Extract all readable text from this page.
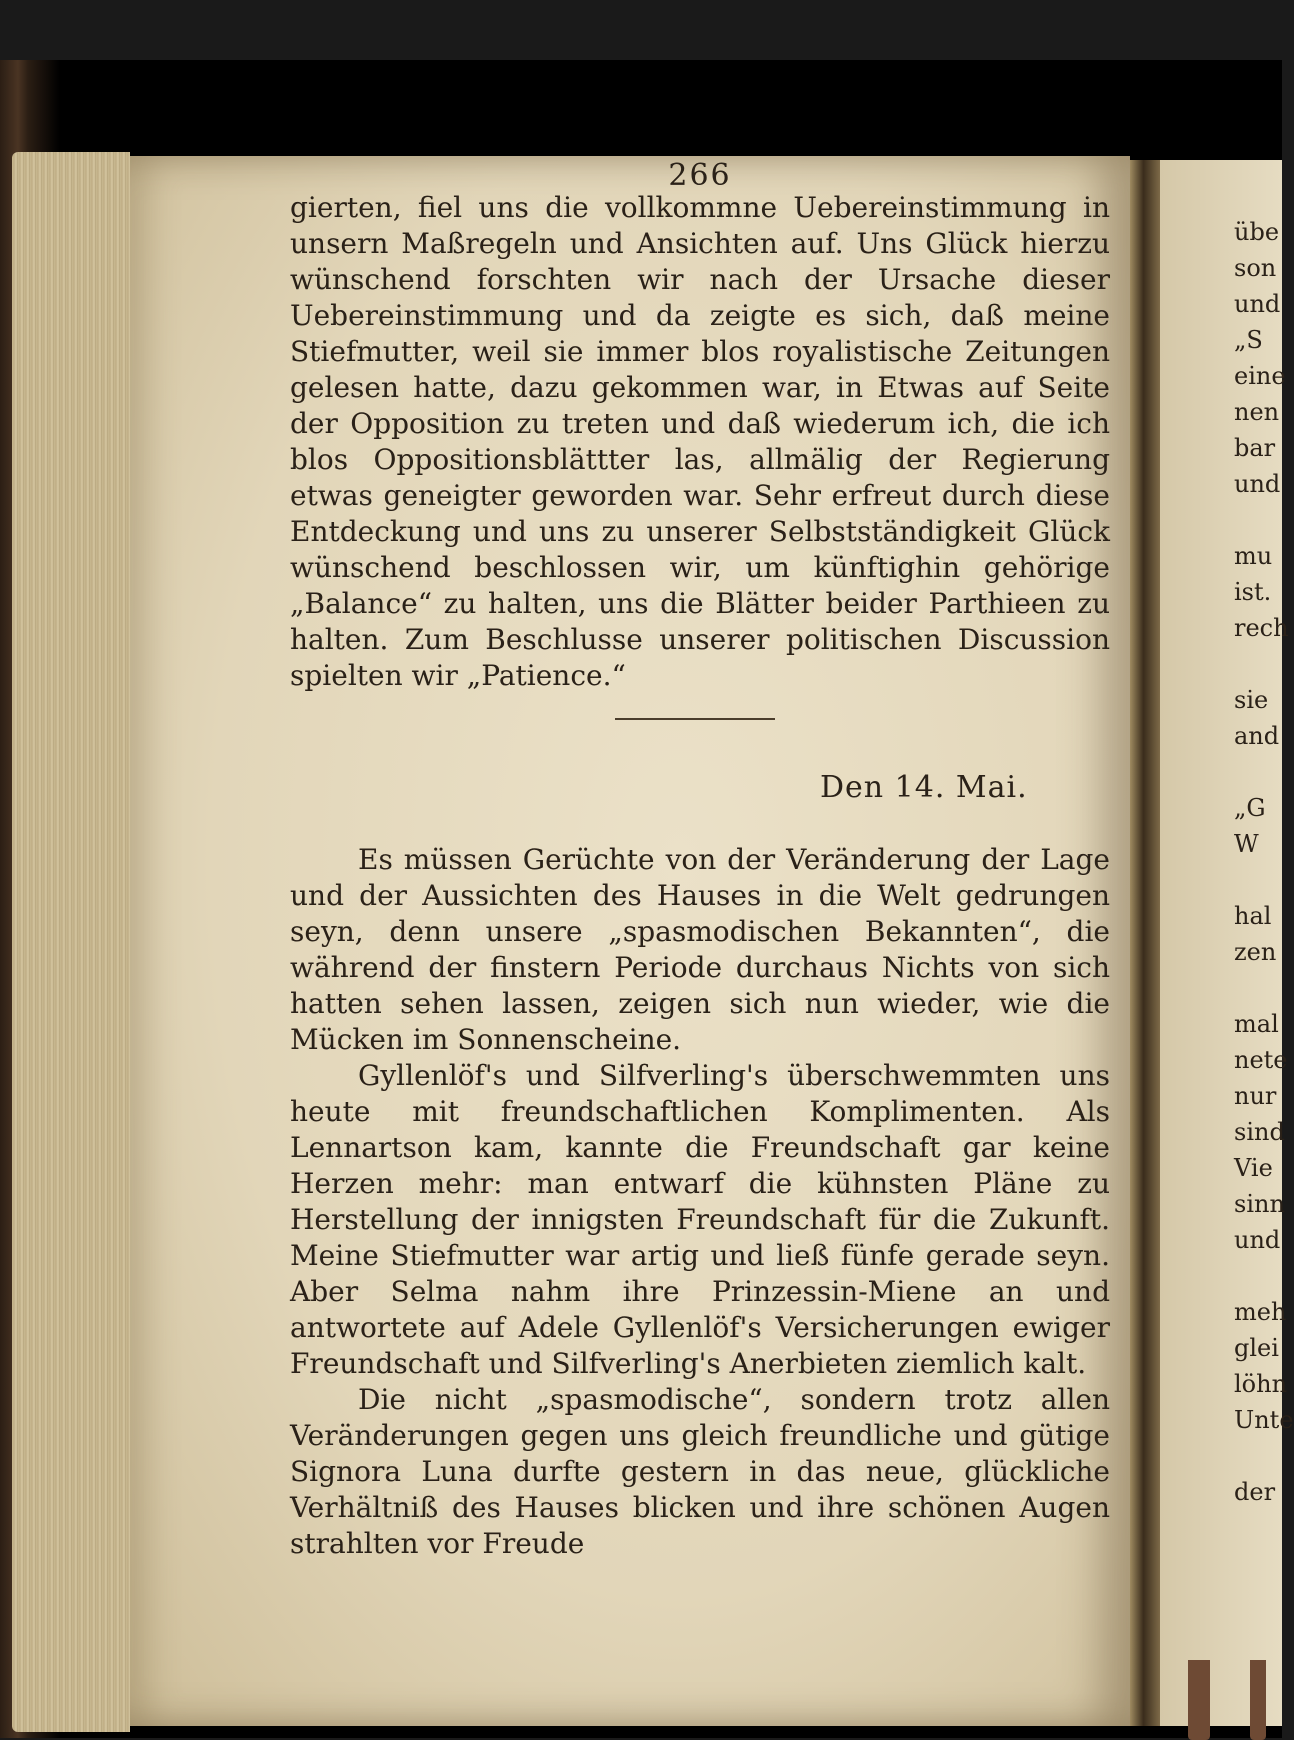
266

gierten, fiel uns die vollkommne Uebereinstimmung in unsern Maßregeln und Ansichten auf. Uns Glück hierzu wünschend forschten wir nach der Ursache dieser Uebereinstimmung und da zeigte es sich, daß meine Stiefmutter, weil sie immer blos royalistische Zeitungen gelesen hatte, dazu gekommen war, in Etwas auf Seite der Opposition zu treten und daß wiederum ich, die ich blos Oppositionsblättter las, allmälig der Regierung etwas geneigter geworden war. Sehr erfreut durch diese Entdeckung und uns zu unserer Selbstständigkeit Glück wünschend beschlossen wir, um künftighin gehörige „Balance“ zu halten, uns die Blätter beider Parthieen zu halten. Zum Beschlusse unserer politischen Discussion spielten wir „Patience.“

Den 14. Mai.

Es müssen Gerüchte von der Veränderung der Lage und der Aussichten des Hauses in die Welt gedrungen seyn, denn unsere „spasmodischen Bekannten“, die während der finstern Periode durchaus Nichts von sich hatten sehen lassen, zeigen sich nun wieder, wie die Mücken im Sonnenscheine.

Gyllenlöf's und Silfverling's überschwemmten uns heute mit freundschaftlichen Komplimenten. Als Lennartson kam, kannte die Freundschaft gar keine Herzen mehr: man entwarf die kühnsten Pläne zu Herstellung der innigsten Freundschaft für die Zukunft. Meine Stiefmutter war artig und ließ fünfe gerade seyn. Aber Selma nahm ihre Prinzessin-Miene an und antwortete auf Adele Gyllenlöf's Versicherungen ewiger Freundschaft und Silfverling's Anerbieten ziemlich kalt.

Die nicht „spasmodische“, sondern trotz allen Veränderungen gegen uns gleich freundliche und gütige Signora Luna durfte gestern in das neue, glückliche Verhältniß des Hauses blicken und ihre schönen Augen strahlten vor Freude

übe
son
und
„S
eine
nen
bar
und
mu
ist.
rech
sie
and
„G
W
hal
zen
mal
nete
nur
sind
Vie
sinn
und
meh
glei
löhn
Unte
der
